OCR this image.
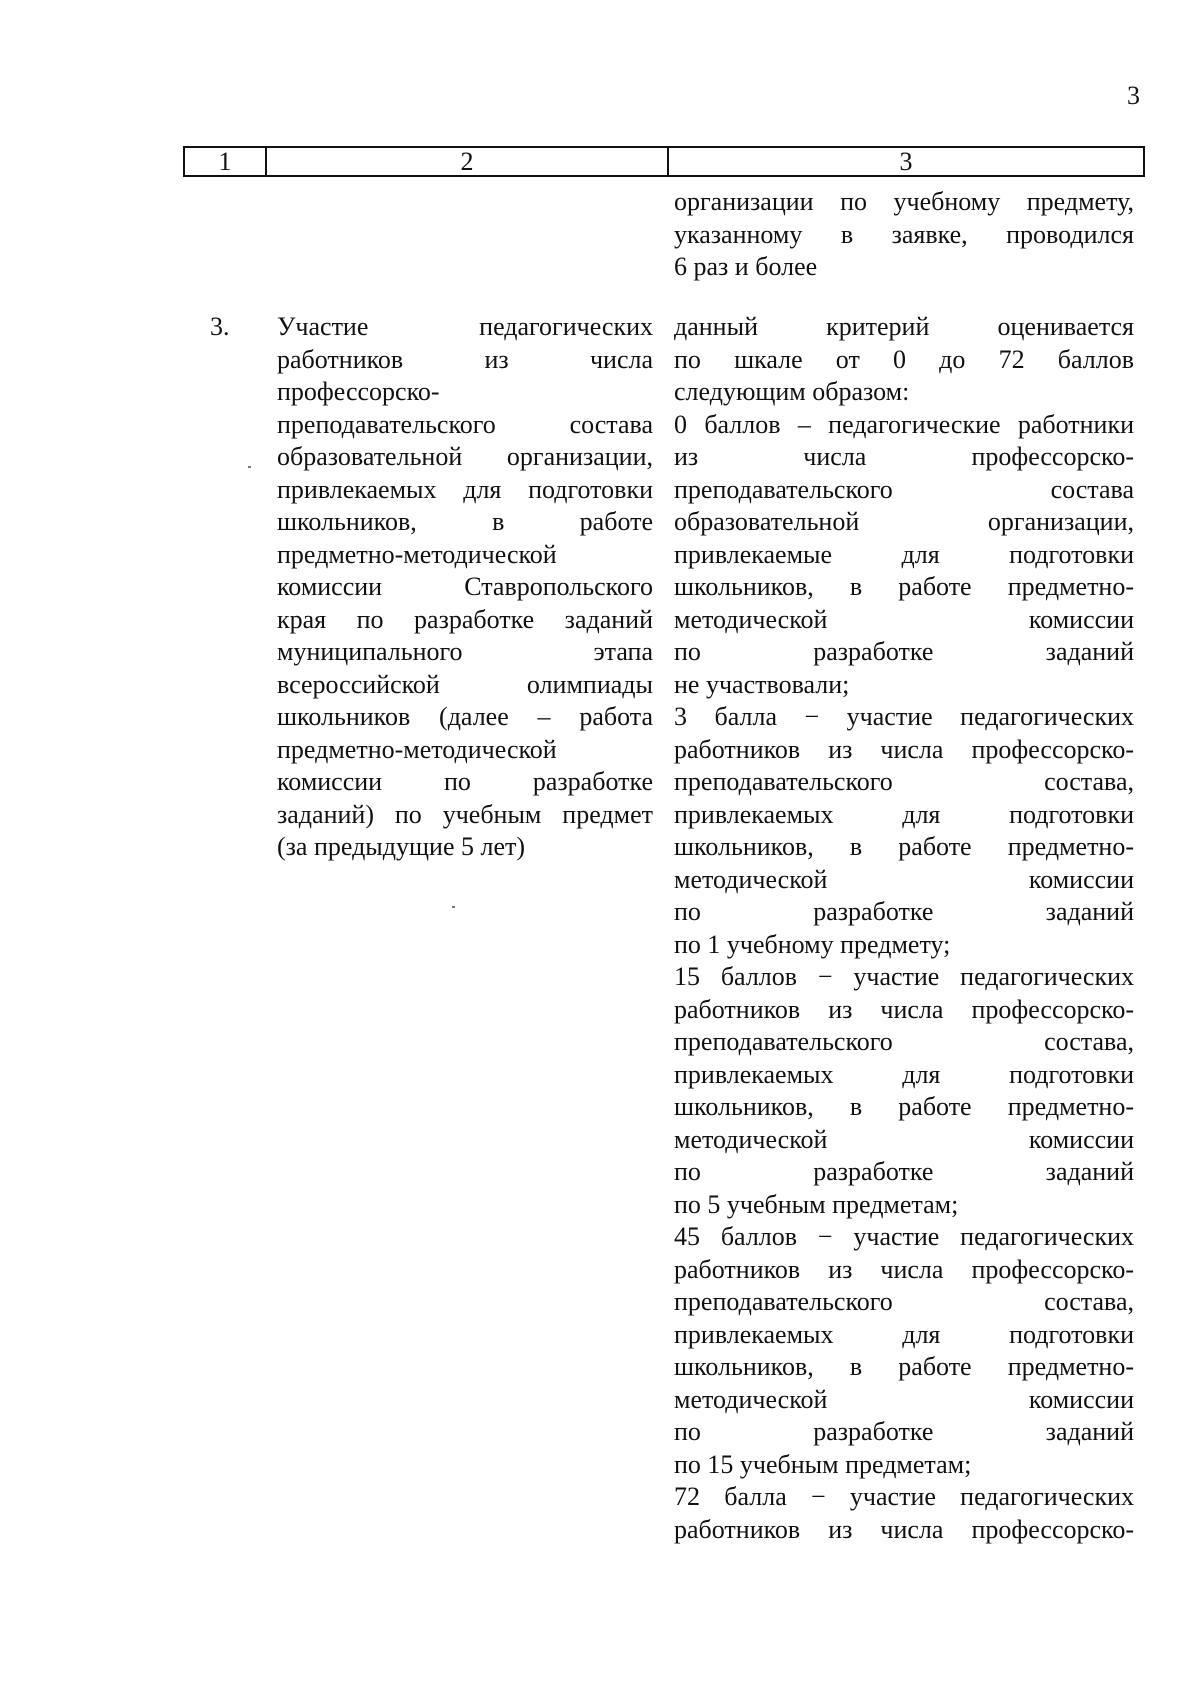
3
1	2	3
организации по учебному предмету,
указанному в заявке, проводился
6 раз и более
3. Участие педагогических
работников из числа
профессорско-
преподавательского состава
образовательной организации,
привлекаемых для подготовки
школьников, в работе
предметно-методической
комиссии Ставропольского
края по разработке заданий
муниципального этапа
всероссийской олимпиады
школьников (далее – работа
предметно-методической
комиссии по разработке
заданий) по учебным предмет
(за предыдущие 5 лет)
данный критерий оценивается
по шкале от 0 до 72 баллов
следующим образом:
0 баллов – педагогические работники
из числа профессорско-
преподавательского состава
образовательной организации,
привлекаемые для подготовки
школьников, в работе предметно-
методической комиссии
по разработке заданий
не участвовали;
3 балла − участие педагогических
работников из числа профессорско-
преподавательского состава,
привлекаемых для подготовки
школьников, в работе предметно-
методической комиссии
по разработке заданий
по 1 учебному предмету;
15 баллов − участие педагогических
работников из числа профессорско-
преподавательского состава,
привлекаемых для подготовки
школьников, в работе предметно-
методической комиссии
по разработке заданий
по 5 учебным предметам;
45 баллов − участие педагогических
работников из числа профессорско-
преподавательского состава,
привлекаемых для подготовки
школьников, в работе предметно-
методической комиссии
по разработке заданий
по 15 учебным предметам;
72 балла − участие педагогических
работников из числа профессорско-
